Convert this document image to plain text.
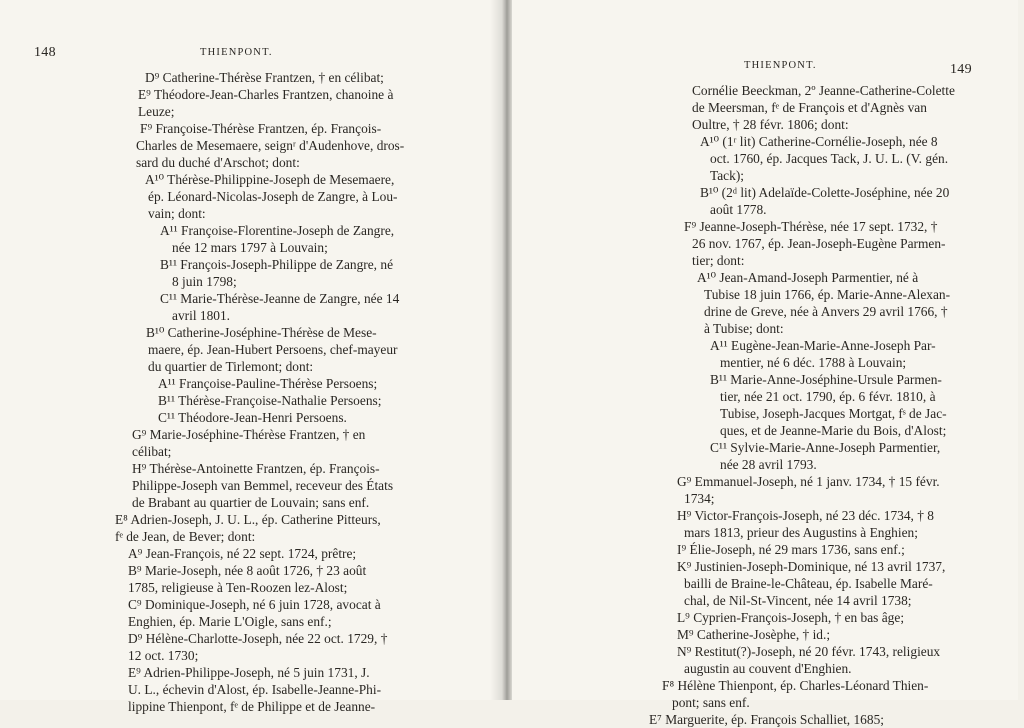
148	THIENPONT.
D⁹ Catherine-Thérèse Frantzen, † en célibat;
E⁹ Théodore-Jean-Charles Frantzen, chanoine à
Leuze;
F⁹ Françoise-Thérèse Frantzen, ép. François-
Charles de Mesemaere, seignʳ d'Audenhove, dros-
sard du duché d'Arschot; dont:
A¹⁰ Thérèse-Philippine-Joseph de Mesemaere,
ép. Léonard-Nicolas-Joseph de Zangre, à Lou-
vain; dont:
A¹¹ Françoise-Florentine-Joseph de Zangre,
née 12 mars 1797 à Louvain;
B¹¹ François-Joseph-Philippe de Zangre, né
8 juin 1798;
C¹¹ Marie-Thérèse-Jeanne de Zangre, née 14
avril 1801.
B¹⁰ Catherine-Joséphine-Thérèse de Mese-
maere, ép. Jean-Hubert Persoens, chef-mayeur
du quartier de Tirlemont; dont:
A¹¹ Françoise-Pauline-Thérèse Persoens;
B¹¹ Thérèse-Françoise-Nathalie Persoens;
C¹¹ Théodore-Jean-Henri Persoens.
G⁹ Marie-Joséphine-Thérèse Frantzen, † en
célibat;
H⁹ Thérèse-Antoinette Frantzen, ép. François-
Philippe-Joseph van Bemmel, receveur des États
de Brabant au quartier de Louvain; sans enf.
E⁸ Adrien-Joseph, J. U. L., ép. Catherine Pitteurs,
fᵉ de Jean, de Bever; dont:
A⁹ Jean-François, né 22 sept. 1724, prêtre;
B⁹ Marie-Joseph, née 8 août 1726, † 23 août
1785, religieuse à Ten-Roozen lez-Alost;
C⁹ Dominique-Joseph, né 6 juin 1728, avocat à
Enghien, ép. Marie L'Oigle, sans enf.;
D⁹ Hélène-Charlotte-Joseph, née 22 oct. 1729, †
12 oct. 1730;
E⁹ Adrien-Philippe-Joseph, né 5 juin 1731, J.
U. L., échevin d'Alost, ép. Isabelle-Jeanne-Phi-
lippine Thienpont, fᵉ de Philippe et de Jeanne-
THIENPONT.	149
Cornélie Beeckman, 2º Jeanne-Catherine-Colette
de Meersman, fᵉ de François et d'Agnès van
Oultre, † 28 févr. 1806; dont:
A¹⁰ (1ʳ lit) Catherine-Cornélie-Joseph, née 8
oct. 1760, ép. Jacques Tack, J. U. L. (V. gén.
Tack);
B¹⁰ (2ᵈ lit) Adelaïde-Colette-Joséphine, née 20
août 1778.
F⁹ Jeanne-Joseph-Thérèse, née 17 sept. 1732, †
26 nov. 1767, ép. Jean-Joseph-Eugène Parmen-
tier; dont:
A¹⁰ Jean-Amand-Joseph Parmentier, né à
Tubise 18 juin 1766, ép. Marie-Anne-Alexan-
drine de Greve, née à Anvers 29 avril 1766, †
à Tubise; dont:
A¹¹ Eugène-Jean-Marie-Anne-Joseph Par-
mentier, né 6 déc. 1788 à Louvain;
B¹¹ Marie-Anne-Joséphine-Ursule Parmen-
tier, née 21 oct. 1790, ép. 6 févr. 1810, à
Tubise, Joseph-Jacques Mortgat, fˢ de Jac-
ques, et de Jeanne-Marie du Bois, d'Alost;
C¹¹ Sylvie-Marie-Anne-Joseph Parmentier,
née 28 avril 1793.
G⁹ Emmanuel-Joseph, né 1 janv. 1734, † 15 févr.
1734;
H⁹ Victor-François-Joseph, né 23 déc. 1734, † 8
mars 1813, prieur des Augustins à Enghien;
I⁹ Élie-Joseph, né 29 mars 1736, sans enf.;
K⁹ Justinien-Joseph-Dominique, né 13 avril 1737,
bailli de Braine-le-Château, ép. Isabelle Maré-
chal, de Nil-St-Vincent, née 14 avril 1738;
L⁹ Cyprien-François-Joseph, † en bas âge;
M⁹ Catherine-Josèphe, † id.;
N⁹ Restitut(?)-Joseph, né 20 févr. 1743, religieux
augustin au couvent d'Enghien.
F⁸ Hélène Thienpont, ép. Charles-Léonard Thien-
pont; sans enf.
E⁷ Marguerite, ép. François Schalliet, 1685;
